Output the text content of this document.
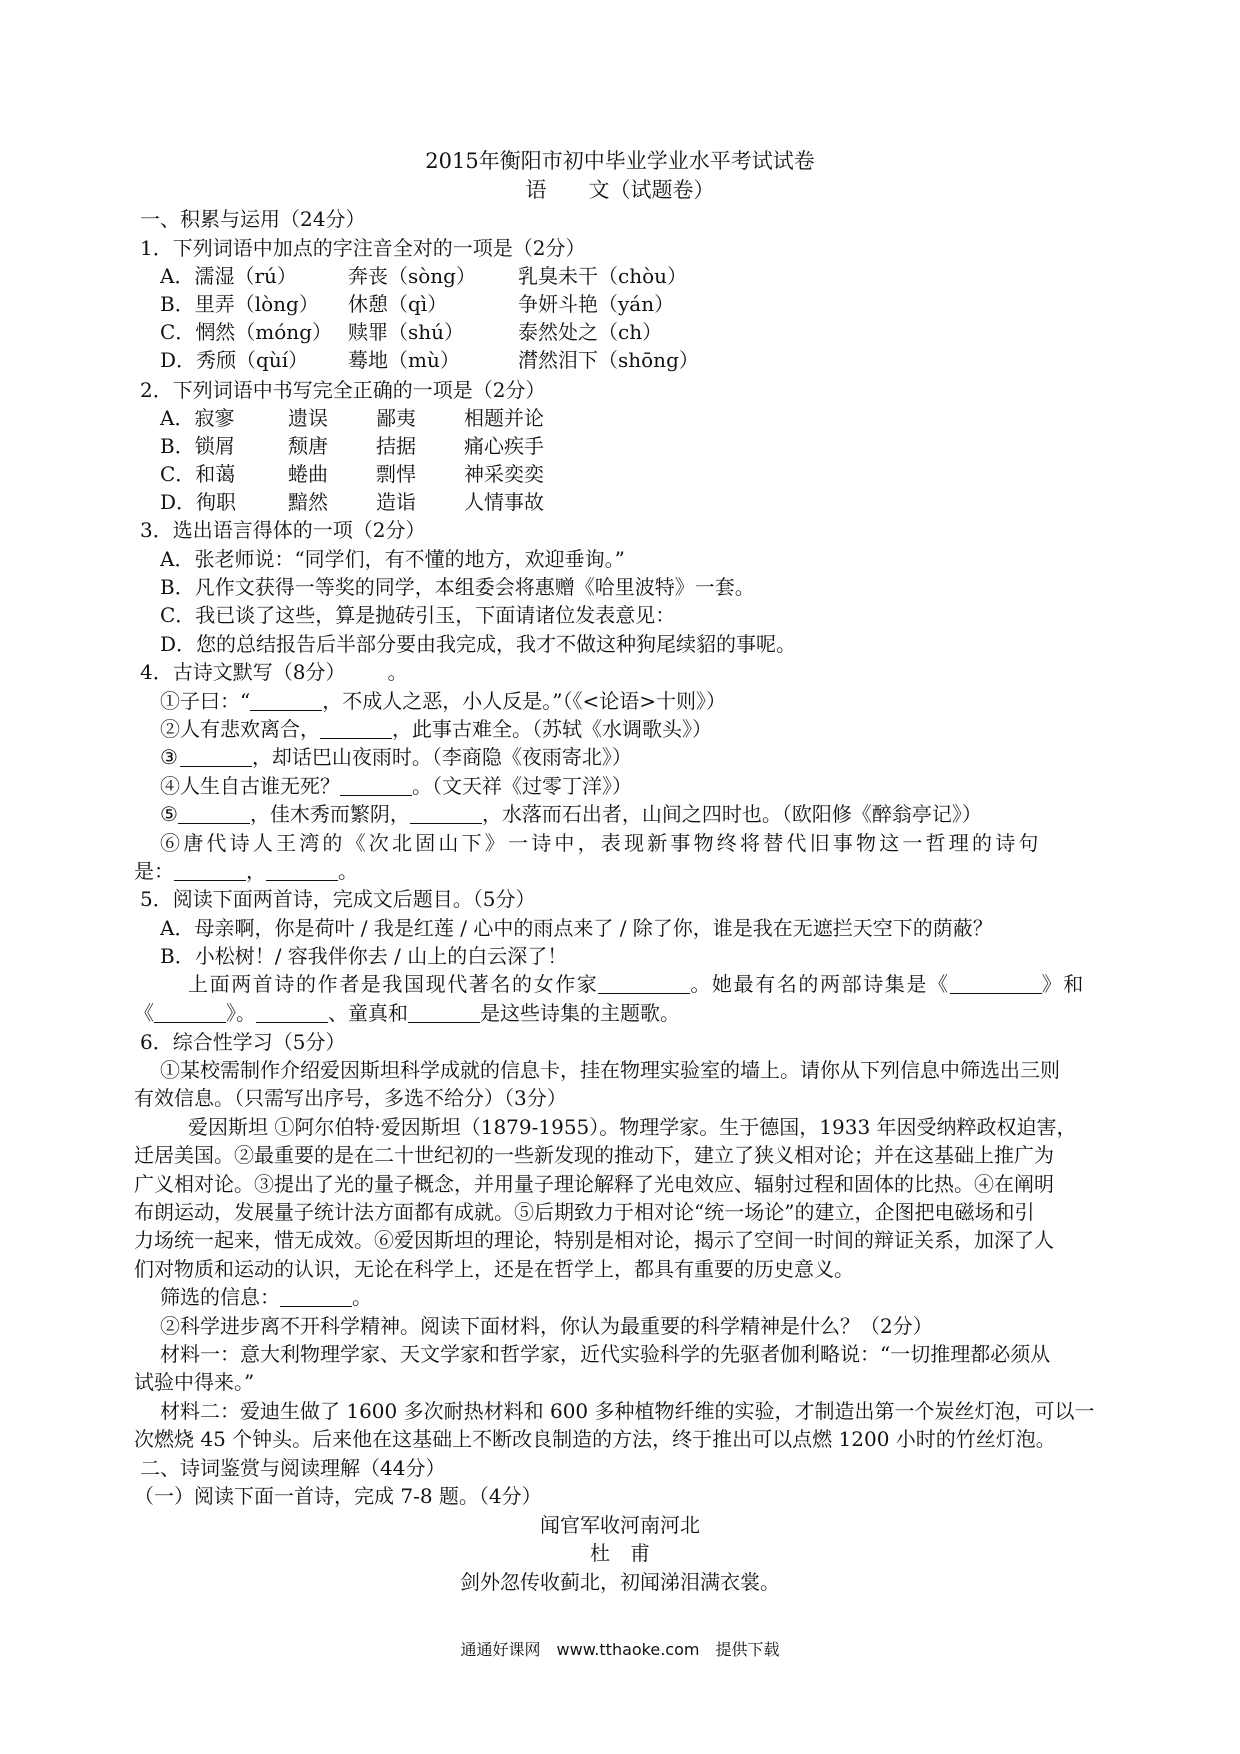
2015年衡阳市初中毕业学业水平考试试卷
语　　文（试题卷）
一、积累与运用（24分）
1．下列词语中加点的字注音全对的一项是（2分）
A．濡湿（rú）	奔丧（sòng） 乳臭未干（chòu）
B．里弄（lòng） 休憩（qì）	争妍斗艳（yán）
C．惘然（móng） 赎罪（shú）	泰然处之（ch）
D．秀颀（qùí） 蓦地（mù）	潸然泪下（shōng）
2．下列词语中书写完全正确的一项是（2分）
A．寂寥	遗误 鄙夷 相题并论
B．锁屑	颓唐 拮据 痛心疾手
C．和蔼	蜷曲 剽悍 神采奕奕
D．徇职	黯然 造诣 人情事故
3．选出语言得体的一项（2分）
A．张老师说：“同学们，有不懂的地方，欢迎垂询。”
B．凡作文获得一等奖的同学，本组委会将惠赠《哈里波特》一套。
C．我已谈了这些，算是抛砖引玉，下面请诸位发表意见：
D．您的总结报告后半部分要由我完成，我才不做这种狗尾续貂的事呢。
4．古诗文默写（8分）	。
①子曰：“	，不成人之恶，小人反是。”（《<论语>十则》）
②人有悲欢离合，	，此事古难全。（苏轼《水调歌头》）
③	，却话巴山夜雨时。（李商隐《夜雨寄北》）
④人生自古谁无死？	。（文天祥《过零丁洋》）
⑤	，佳木秀而繁阴，	，水落而石出者，山间之四时也。（欧阳修《醉翁亭记》）
⑥唐代诗人王湾的《次北固山下》一诗中，表现新事物终将替代旧事物这一哲理的诗句
是：	，	。
5．阅读下面两首诗，完成文后题目。（5分）
A．母亲啊，你是荷叶 / 我是红莲 / 心中的雨点来了 / 除了你，谁是我在无遮拦天空下的荫蔽？
B．小松树！/ 容我伴你去 / 山上的白云深了！
上面两首诗的作者是我国现代著名的女作家	。她最有名的两部诗集是《	》和
《	》。	、童真和	是这些诗集的主题歌。
6．综合性学习（5分）
①某校需制作介绍爱因斯坦科学成就的信息卡，挂在物理实验室的墙上。请你从下列信息中筛选出三则
有效信息。（只需写出序号，多选不给分）（3分）
爱因斯坦 ①阿尔伯特·爱因斯坦（1879-1955）。物理学家。生于德国，1933 年因受纳粹政权迫害，
迁居美国。②最重要的是在二十世纪初的一些新发现的推动下，建立了狭义相对论；并在这基础上推广为
广义相对论。③提出了光的量子概念，并用量子理论解释了光电效应、辐射过程和固体的比热。④在阐明
布朗运动，发展量子统计法方面都有成就。⑤后期致力于相对论“统一场论”的建立，企图把电磁场和引
力场统一起来，惜无成效。⑥爱因斯坦的理论，特别是相对论，揭示了空间一时间的辩证关系，加深了人
们对物质和运动的认识，无论在科学上，还是在哲学上，都具有重要的历史意义。
筛选的信息：	。
②科学进步离不开科学精神。阅读下面材料，你认为最重要的科学精神是什么？（2分）
材料一：意大利物理学家、天文学家和哲学家，近代实验科学的先驱者伽利略说：“一切推理都必须从
试验中得来。”
材料二：爱迪生做了 1600 多次耐热材料和 600 多种植物纤维的实验，才制造出第一个炭丝灯泡，可以一
次燃烧 45 个钟头。后来他在这基础上不断改良制造的方法，终于推出可以点燃 1200 小时的竹丝灯泡。
二、诗词鉴赏与阅读理解（44分）
（一）阅读下面一首诗，完成 7-8 题。（4分）
闻官军收河南河北
杜　甫
剑外忽传收蓟北，初闻涕泪满衣裳。
通通好课网　www.tthaoke.com　提供下载
